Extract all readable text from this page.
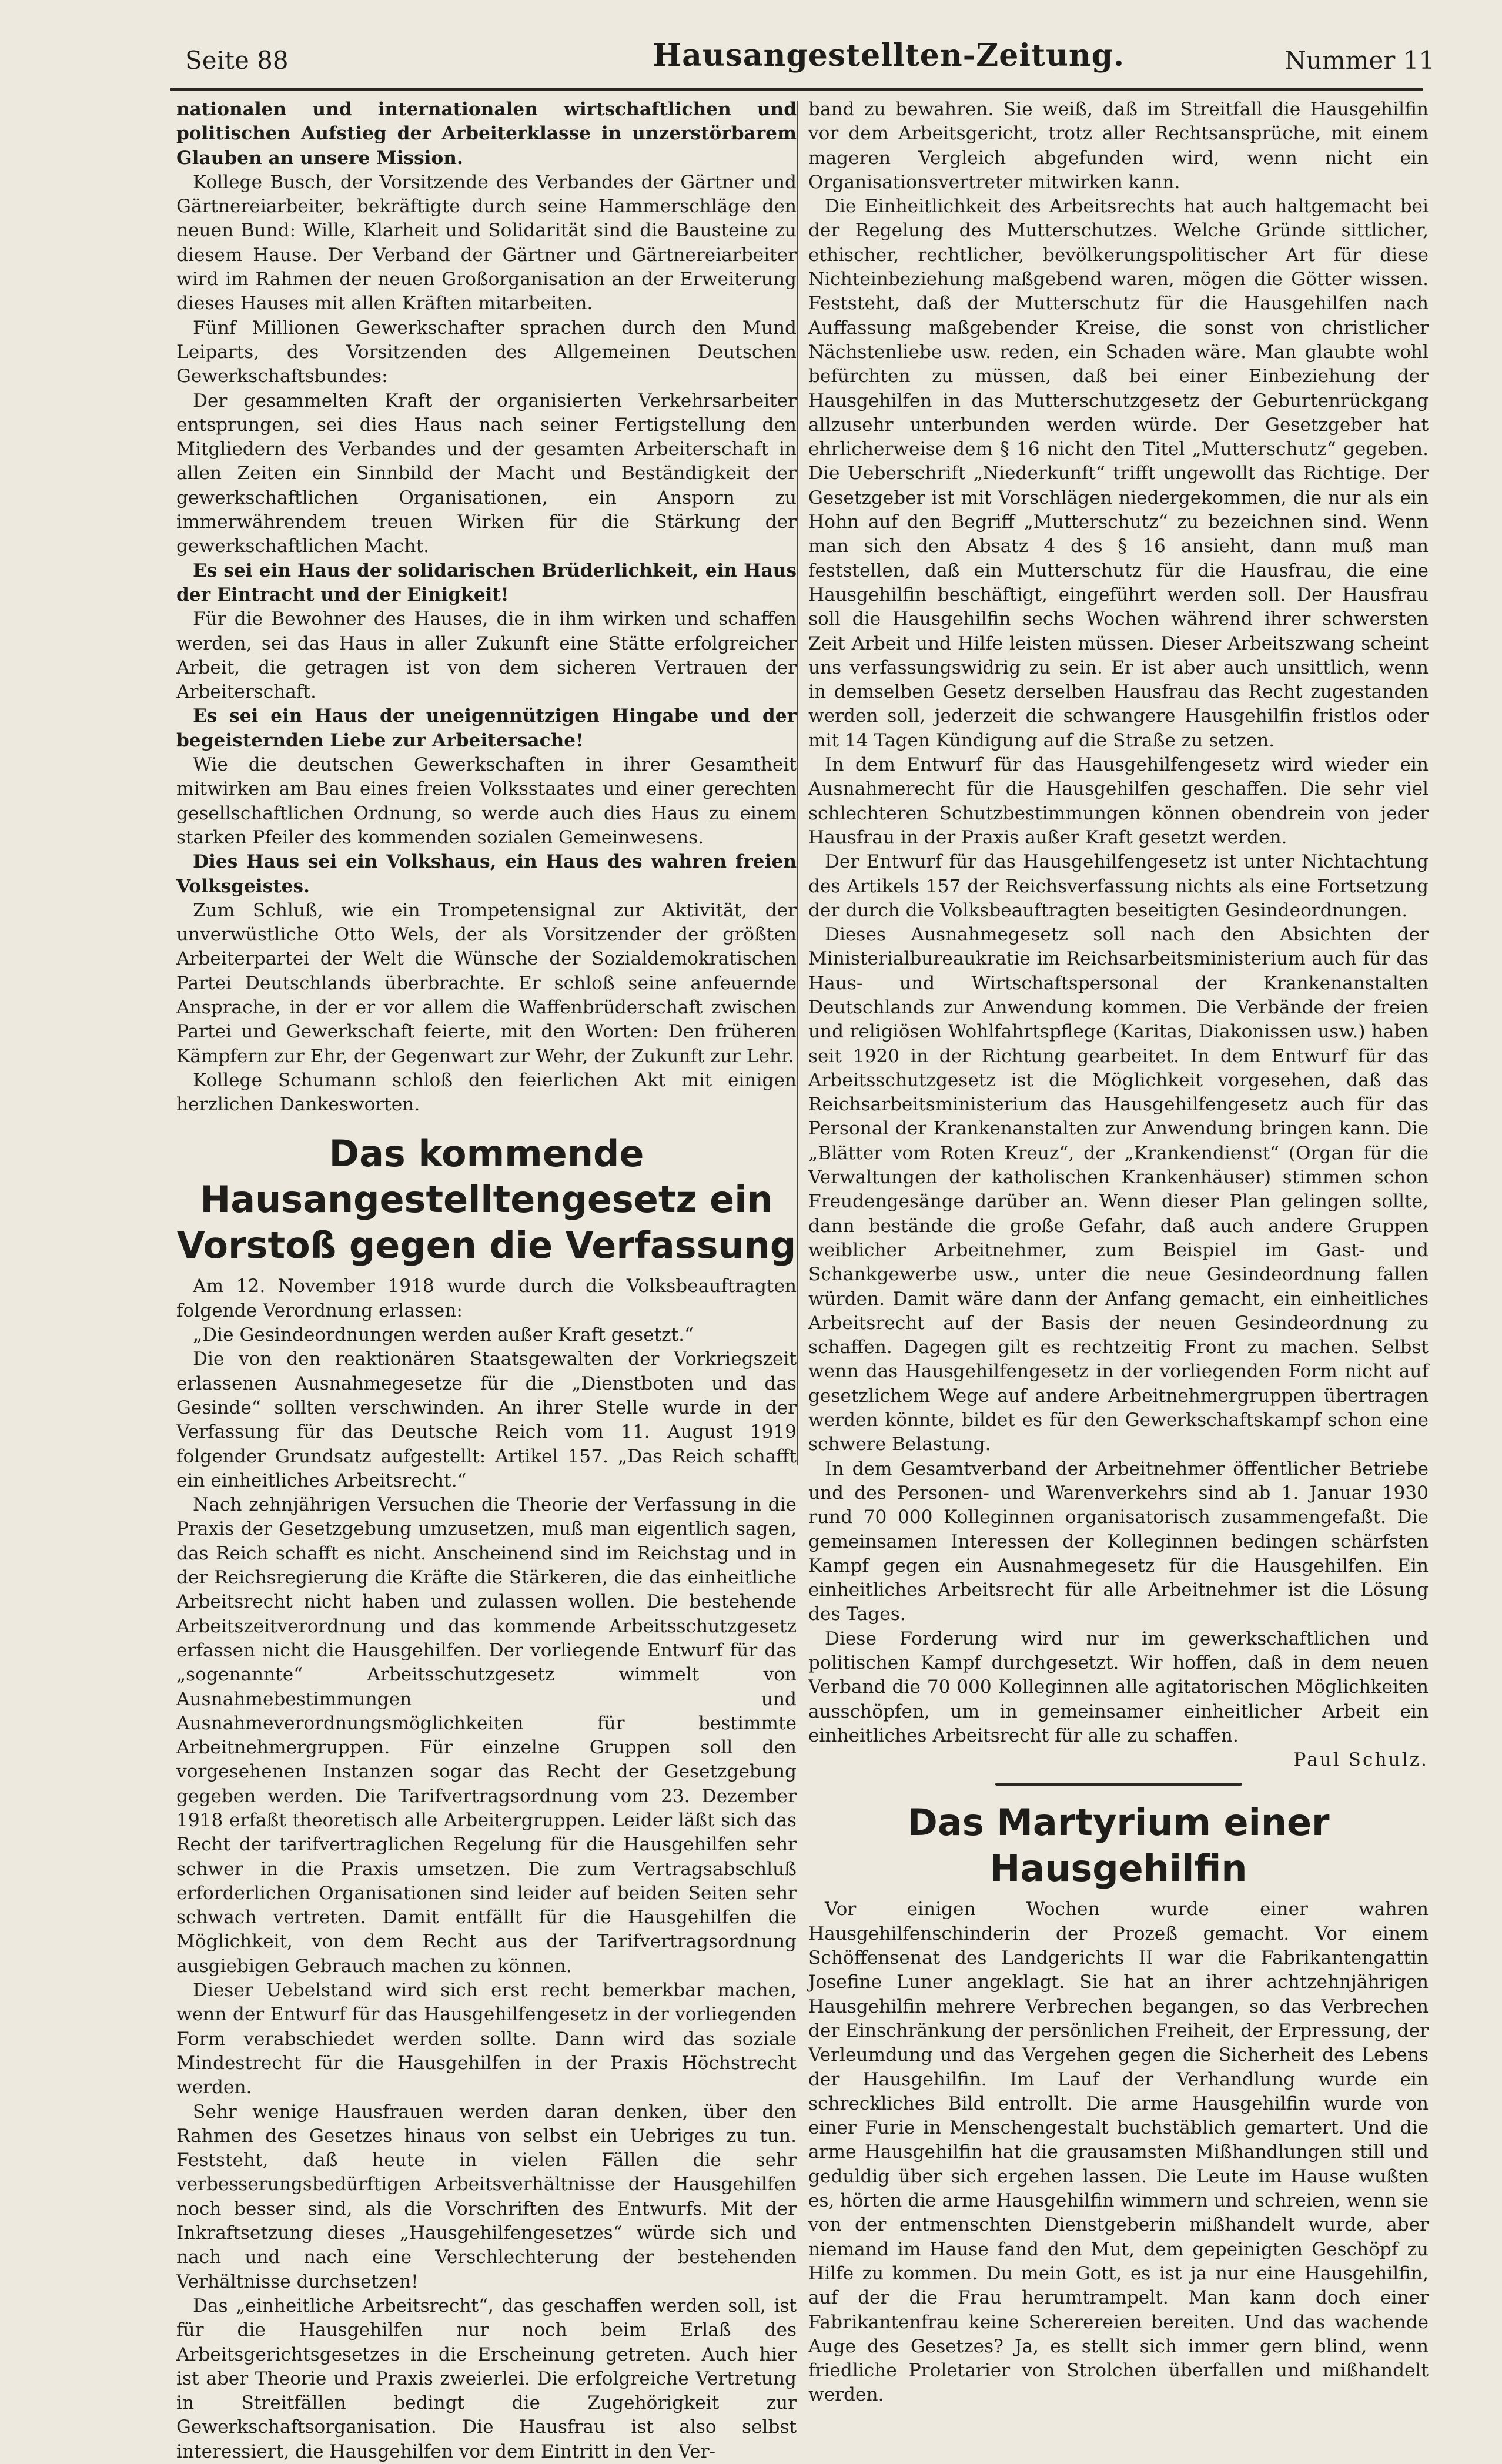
Seite 88	Hausangestellten-Zeitung.	Nummer 11

nationalen und internationalen wirtschaftlichen und politischen Aufstieg der Arbeiterklasse in unzerstörbarem Glauben an unsere Mission.

Kollege Busch, der Vorsitzende des Verbandes der Gärtner und Gärtnereiarbeiter, bekräftigte durch seine Hammerschläge den neuen Bund: Wille, Klarheit und Solidarität sind die Bausteine zu diesem Hause. Der Verband der Gärtner und Gärtnereiarbeiter wird im Rahmen der neuen Großorganisation an der Erweiterung dieses Hauses mit allen Kräften mitarbeiten.

Fünf Millionen Gewerkschafter sprachen durch den Mund Leiparts, des Vorsitzenden des Allgemeinen Deutschen Gewerkschaftsbundes:

Der gesammelten Kraft der organisierten Verkehrsarbeiter entsprungen, sei dies Haus nach seiner Fertigstellung den Mitgliedern des Verbandes und der gesamten Arbeiterschaft in allen Zeiten ein Sinnbild der Macht und Beständigkeit der gewerkschaftlichen Organisationen, ein Ansporn zu immerwährendem treuen Wirken für die Stärkung der gewerkschaftlichen Macht.

Es sei ein Haus der solidarischen Brüderlichkeit, ein Haus der Eintracht und der Einigkeit!

Für die Bewohner des Hauses, die in ihm wirken und schaffen werden, sei das Haus in aller Zukunft eine Stätte erfolgreicher Arbeit, die getragen ist von dem sicheren Vertrauen der Arbeiterschaft.

Es sei ein Haus der uneigennützigen Hingabe und der begeisternden Liebe zur Arbeitersache!

Wie die deutschen Gewerkschaften in ihrer Gesamtheit mitwirken am Bau eines freien Volksstaates und einer gerechten gesellschaftlichen Ordnung, so werde auch dies Haus zu einem starken Pfeiler des kommenden sozialen Gemeinwesens.

Dies Haus sei ein Volkshaus, ein Haus des wahren freien Volksgeistes.

Zum Schluß, wie ein Trompetensignal zur Aktivität, der unverwüstliche Otto Wels, der als Vorsitzender der größten Arbeiterpartei der Welt die Wünsche der Sozialdemokratischen Partei Deutschlands überbrachte. Er schloß seine anfeuernde Ansprache, in der er vor allem die Waffenbrüderschaft zwischen Partei und Gewerkschaft feierte, mit den Worten: Den früheren Kämpfern zur Ehr, der Gegenwart zur Wehr, der Zukunft zur Lehr.

Kollege Schumann schloß den feierlichen Akt mit einigen herzlichen Dankesworten.

Das kommende Hausangestelltengesetz ein Vorstoß gegen die Verfassung

Am 12. November 1918 wurde durch die Volksbeauftragten folgende Verordnung erlassen:

„Die Gesindeordnungen werden außer Kraft gesetzt.“

Die von den reaktionären Staatsgewalten der Vorkriegszeit erlassenen Ausnahmegesetze für die „Dienstboten und das Gesinde“ sollten verschwinden. An ihrer Stelle wurde in der Verfassung für das Deutsche Reich vom 11. August 1919 folgender Grundsatz aufgestellt: Artikel 157. „Das Reich schafft ein einheitliches Arbeitsrecht.“

Nach zehnjährigen Versuchen die Theorie der Verfassung in die Praxis der Gesetzgebung umzusetzen, muß man eigentlich sagen, das Reich schafft es nicht. Anscheinend sind im Reichstag und in der Reichsregierung die Kräfte die Stärkeren, die das einheitliche Arbeitsrecht nicht haben und zulassen wollen. Die bestehende Arbeitszeitverordnung und das kommende Arbeitsschutzgesetz erfassen nicht die Hausgehilfen. Der vorliegende Entwurf für das „sogenannte“ Arbeitsschutzgesetz wimmelt von Ausnahmebestimmungen und Ausnahmeverordnungsmöglichkeiten für bestimmte Arbeitnehmergruppen. Für einzelne Gruppen soll den vorgesehenen Instanzen sogar das Recht der Gesetzgebung gegeben werden. Die Tarifvertragsordnung vom 23. Dezember 1918 erfaßt theoretisch alle Arbeitergruppen. Leider läßt sich das Recht der tarifvertraglichen Regelung für die Hausgehilfen sehr schwer in die Praxis umsetzen. Die zum Vertragsabschluß erforderlichen Organisationen sind leider auf beiden Seiten sehr schwach vertreten. Damit entfällt für die Hausgehilfen die Möglichkeit, von dem Recht aus der Tarifvertragsordnung ausgiebigen Gebrauch machen zu können.

Dieser Uebelstand wird sich erst recht bemerkbar machen, wenn der Entwurf für das Hausgehilfengesetz in der vorliegenden Form verabschiedet werden sollte. Dann wird das soziale Mindestrecht für die Hausgehilfen in der Praxis Höchstrecht werden.

Sehr wenige Hausfrauen werden daran denken, über den Rahmen des Gesetzes hinaus von selbst ein Uebriges zu tun. Feststeht, daß heute in vielen Fällen die sehr verbesserungsbedürftigen Arbeitsverhältnisse der Hausgehilfen noch besser sind, als die Vorschriften des Entwurfs. Mit der Inkraftsetzung dieses „Hausgehilfengesetzes“ würde sich und nach und nach eine Verschlechterung der bestehenden Verhältnisse durchsetzen!

Das „einheitliche Arbeitsrecht“, das geschaffen werden soll, ist für die Hausgehilfen nur noch beim Erlaß des Arbeitsgerichtsgesetzes in die Erscheinung getreten. Auch hier ist aber Theorie und Praxis zweierlei. Die erfolgreiche Vertretung in Streitfällen bedingt die Zugehörigkeit zur Gewerkschaftsorganisation. Die Hausfrau ist also selbst interessiert, die Hausgehilfen vor dem Eintritt in den Ver-

band zu bewahren. Sie weiß, daß im Streitfall die Hausgehilfin vor dem Arbeitsgericht, trotz aller Rechtsansprüche, mit einem mageren Vergleich abgefunden wird, wenn nicht ein Organisationsvertreter mitwirken kann.

Die Einheitlichkeit des Arbeitsrechts hat auch haltgemacht bei der Regelung des Mutterschutzes. Welche Gründe sittlicher, ethischer, rechtlicher, bevölkerungspolitischer Art für diese Nichteinbeziehung maßgebend waren, mögen die Götter wissen. Feststeht, daß der Mutterschutz für die Hausgehilfen nach Auffassung maßgebender Kreise, die sonst von christlicher Nächstenliebe usw. reden, ein Schaden wäre. Man glaubte wohl befürchten zu müssen, daß bei einer Einbeziehung der Hausgehilfen in das Mutterschutzgesetz der Geburtenrückgang allzusehr unterbunden werden würde. Der Gesetzgeber hat ehrlicherweise dem § 16 nicht den Titel „Mutterschutz“ gegeben. Die Ueberschrift „Niederkunft“ trifft ungewollt das Richtige. Der Gesetzgeber ist mit Vorschlägen niedergekommen, die nur als ein Hohn auf den Begriff „Mutterschutz“ zu bezeichnen sind. Wenn man sich den Absatz 4 des § 16 ansieht, dann muß man feststellen, daß ein Mutterschutz für die Hausfrau, die eine Hausgehilfin beschäftigt, eingeführt werden soll. Der Hausfrau soll die Hausgehilfin sechs Wochen während ihrer schwersten Zeit Arbeit und Hilfe leisten müssen. Dieser Arbeitszwang scheint uns verfassungswidrig zu sein. Er ist aber auch unsittlich, wenn in demselben Gesetz derselben Hausfrau das Recht zugestanden werden soll, jederzeit die schwangere Hausgehilfin fristlos oder mit 14 Tagen Kündigung auf die Straße zu setzen.

In dem Entwurf für das Hausgehilfengesetz wird wieder ein Ausnahmerecht für die Hausgehilfen geschaffen. Die sehr viel schlechteren Schutzbestimmungen können obendrein von jeder Hausfrau in der Praxis außer Kraft gesetzt werden.

Der Entwurf für das Hausgehilfengesetz ist unter Nichtachtung des Artikels 157 der Reichsverfassung nichts als eine Fortsetzung der durch die Volksbeauftragten beseitigten Gesindeordnungen.

Dieses Ausnahmegesetz soll nach den Absichten der Ministerialbureaukratie im Reichsarbeitsministerium auch für das Haus- und Wirtschaftspersonal der Krankenanstalten Deutschlands zur Anwendung kommen. Die Verbände der freien und religiösen Wohlfahrtspflege (Karitas, Diakonissen usw.) haben seit 1920 in der Richtung gearbeitet. In dem Entwurf für das Arbeitsschutzgesetz ist die Möglichkeit vorgesehen, daß das Reichsarbeitsministerium das Hausgehilfengesetz auch für das Personal der Krankenanstalten zur Anwendung bringen kann. Die „Blätter vom Roten Kreuz“, der „Krankendienst“ (Organ für die Verwaltungen der katholischen Krankenhäuser) stimmen schon Freudengesänge darüber an. Wenn dieser Plan gelingen sollte, dann bestände die große Gefahr, daß auch andere Gruppen weiblicher Arbeitnehmer, zum Beispiel im Gast- und Schankgewerbe usw., unter die neue Gesindeordnung fallen würden. Damit wäre dann der Anfang gemacht, ein einheitliches Arbeitsrecht auf der Basis der neuen Gesindeordnung zu schaffen. Dagegen gilt es rechtzeitig Front zu machen. Selbst wenn das Hausgehilfengesetz in der vorliegenden Form nicht auf gesetzlichem Wege auf andere Arbeitnehmergruppen übertragen werden könnte, bildet es für den Gewerkschaftskampf schon eine schwere Belastung.

In dem Gesamtverband der Arbeitnehmer öffentlicher Betriebe und des Personen- und Warenverkehrs sind ab 1. Januar 1930 rund 70 000 Kolleginnen organisatorisch zusammengefaßt. Die gemeinsamen Interessen der Kolleginnen bedingen schärfsten Kampf gegen ein Ausnahmegesetz für die Hausgehilfen. Ein einheitliches Arbeitsrecht für alle Arbeitnehmer ist die Lösung des Tages.

Diese Forderung wird nur im gewerkschaftlichen und politischen Kampf durchgesetzt. Wir hoffen, daß in dem neuen Verband die 70 000 Kolleginnen alle agitatorischen Möglichkeiten ausschöpfen, um in gemeinsamer einheitlicher Arbeit ein einheitliches Arbeitsrecht für alle zu schaffen.

Paul Schulz.

Das Martyrium einer Hausgehilfin

Vor einigen Wochen wurde einer wahren Hausgehilfenschinderin der Prozeß gemacht. Vor einem Schöffensenat des Landgerichts II war die Fabrikantengattin Josefine Luner angeklagt. Sie hat an ihrer achtzehnjährigen Hausgehilfin mehrere Verbrechen begangen, so das Verbrechen der Einschränkung der persönlichen Freiheit, der Erpressung, der Verleumdung und das Vergehen gegen die Sicherheit des Lebens der Hausgehilfin. Im Lauf der Verhandlung wurde ein schreckliches Bild entrollt. Die arme Hausgehilfin wurde von einer Furie in Menschengestalt buchstäblich gemartert. Und die arme Hausgehilfin hat die grausamsten Mißhandlungen still und geduldig über sich ergehen lassen. Die Leute im Hause wußten es, hörten die arme Hausgehilfin wimmern und schreien, wenn sie von der entmenschten Dienstgeberin mißhandelt wurde, aber niemand im Hause fand den Mut, dem gepeinigten Geschöpf zu Hilfe zu kommen. Du mein Gott, es ist ja nur eine Hausgehilfin, auf der die Frau herumtrampelt. Man kann doch einer Fabrikantenfrau keine Scherereien bereiten. Und das wachende Auge des Gesetzes? Ja, es stellt sich immer gern blind, wenn friedliche Proletarier von Strolchen überfallen und mißhandelt werden.
